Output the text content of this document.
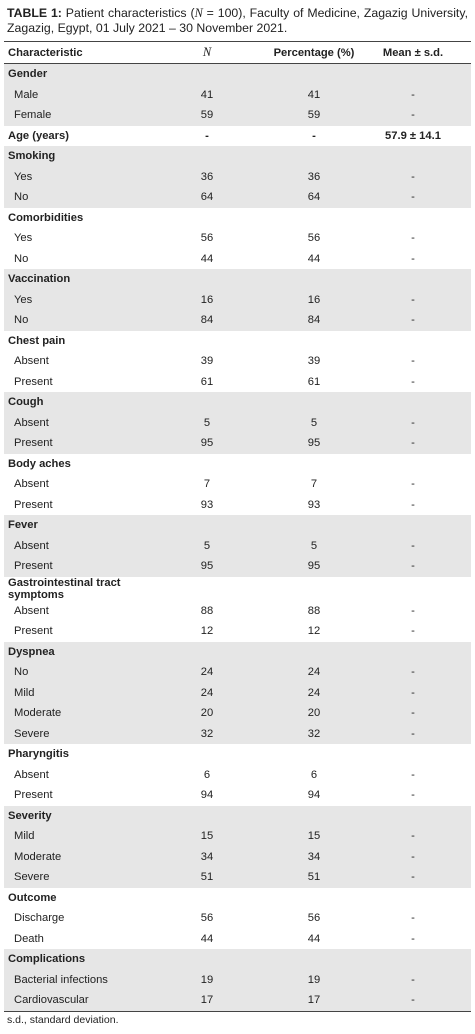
TABLE 1: Patient characteristics (N = 100), Faculty of Medicine, Zagazig University, Zagazig, Egypt, 01 July 2021 – 30 November 2021.
Characteristic	N	Percentage (%)	Mean ± s.d.
Gender			
Male	41	41	-
Female	59	59	-
Age (years)	-	-	57.9 ± 14.1
Smoking			
Yes	36	36	-
No	64	64	-
Comorbidities			
Yes	56	56	-
No	44	44	-
Vaccination			
Yes	16	16	-
No	84	84	-
Chest pain			
Absent	39	39	-
Present	61	61	-
Cough			
Absent	5	5	-
Present	95	95	-
Body aches			
Absent	7	7	-
Present	93	93	-
Fever			
Absent	5	5	-
Present	95	95	-
Gastrointestinal tract symptoms			
Absent	88	88	-
Present	12	12	-
Dyspnea			
No	24	24	-
Mild	24	24	-
Moderate	20	20	-
Severe	32	32	-
Pharyngitis			
Absent	6	6	-
Present	94	94	-
Severity			
Mild	15	15	-
Moderate	34	34	-
Severe	51	51	-
Outcome			
Discharge	56	56	-
Death	44	44	-
Complications			
Bacterial infections	19	19	-
Cardiovascular	17	17	-
s.d., standard deviation.
